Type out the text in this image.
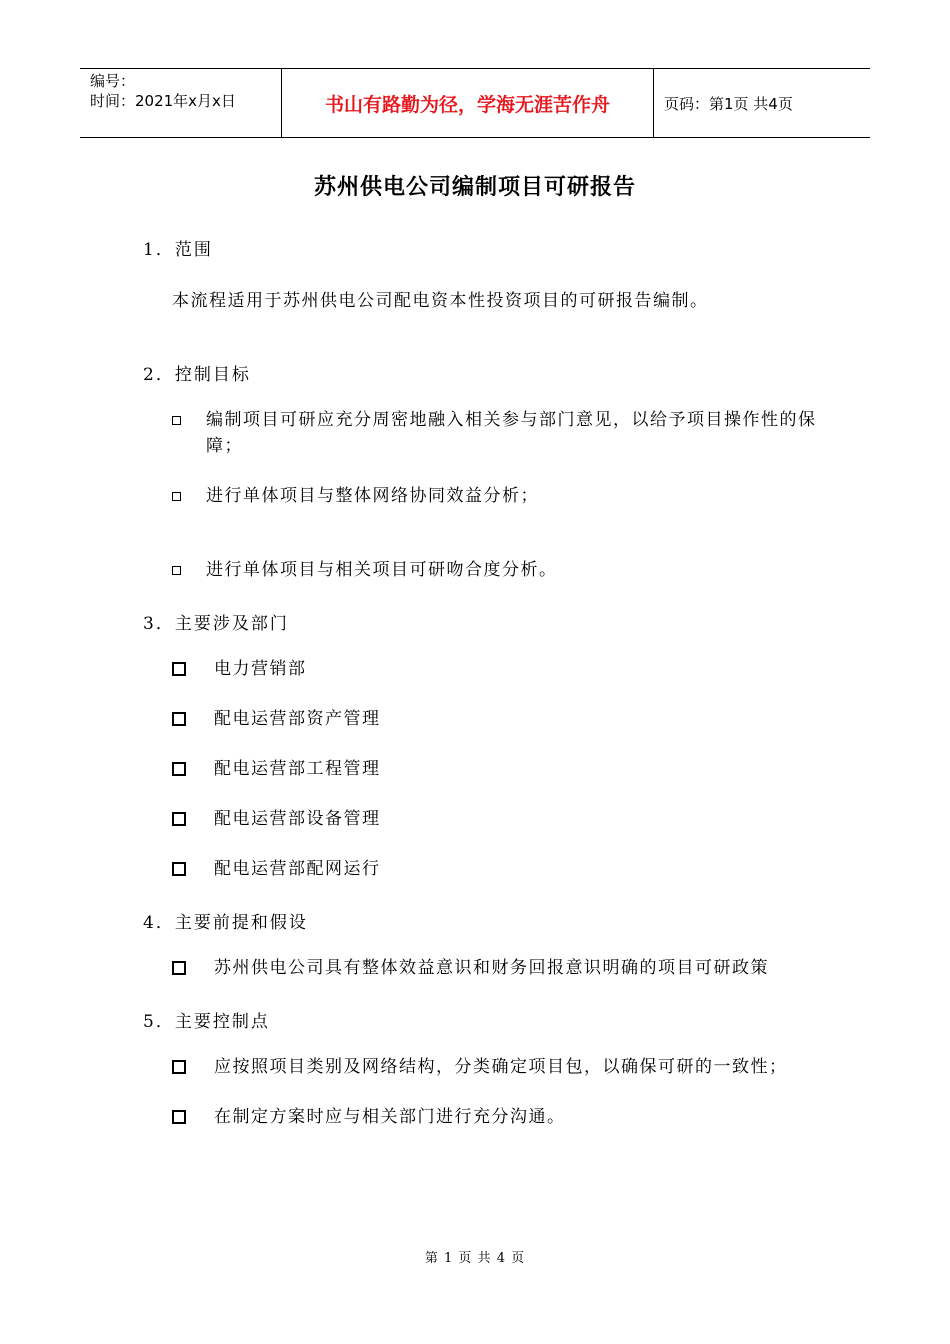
编号：
时间：2021年x月x日	书山有路勤为径，学海无涯苦作舟	页码：第1页 共4页
苏州供电公司编制项目可研报告
1．范围
本流程适用于苏州供电公司配电资本性投资项目的可研报告编制。
2．控制目标
编制项目可研应充分周密地融入相关参与部门意见，以给予项目操作性的保障；
进行单体项目与整体网络协同效益分析；
进行单体项目与相关项目可研吻合度分析。
3．主要涉及部门
电力营销部
配电运营部资产管理
配电运营部工程管理
配电运营部设备管理
配电运营部配网运行
4．主要前提和假设
苏州供电公司具有整体效益意识和财务回报意识明确的项目可研政策
5．主要控制点
应按照项目类别及网络结构，分类确定项目包，以确保可研的一致性；
在制定方案时应与相关部门进行充分沟通。
第 1 页 共 4 页
